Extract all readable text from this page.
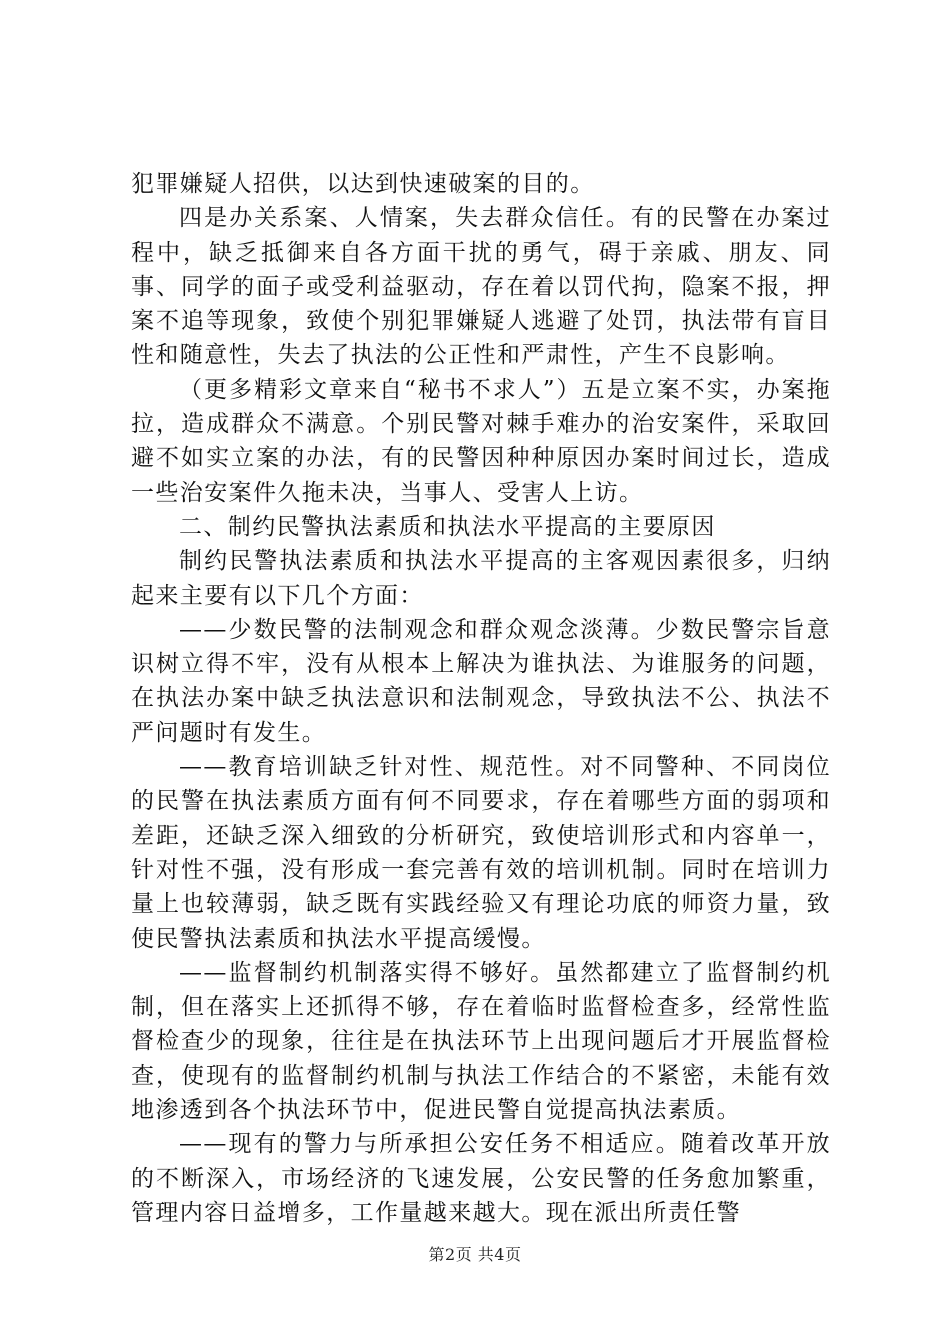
犯罪嫌疑人招供，以达到快速破案的目的。

四是办关系案、人情案，失去群众信任。有的民警在办案过程中，缺乏抵御来自各方面干扰的勇气，碍于亲戚、朋友、同事、同学的面子或受利益驱动，存在着以罚代拘，隐案不报，押案不追等现象，致使个别犯罪嫌疑人逃避了处罚，执法带有盲目性和随意性，失去了执法的公正性和严肃性，产生不良影响。

（更多精彩文章来自“秘书不求人”）五是立案不实，办案拖拉，造成群众不满意。个别民警对棘手难办的治安案件，采取回避不如实立案的办法，有的民警因种种原因办案时间过长，造成一些治安案件久拖未决，当事人、受害人上访。

二、制约民警执法素质和执法水平提高的主要原因

制约民警执法素质和执法水平提高的主客观因素很多，归纳起来主要有以下几个方面：

——少数民警的法制观念和群众观念淡薄。少数民警宗旨意识树立得不牢，没有从根本上解决为谁执法、为谁服务的问题，在执法办案中缺乏执法意识和法制观念，导致执法不公、执法不严问题时有发生。

——教育培训缺乏针对性、规范性。对不同警种、不同岗位的民警在执法素质方面有何不同要求，存在着哪些方面的弱项和差距，还缺乏深入细致的分析研究，致使培训形式和内容单一，针对性不强，没有形成一套完善有效的培训机制。同时在培训力量上也较薄弱，缺乏既有实践经验又有理论功底的师资力量，致使民警执法素质和执法水平提高缓慢。

——监督制约机制落实得不够好。虽然都建立了监督制约机制，但在落实上还抓得不够，存在着临时监督检查多，经常性监督检查少的现象，往往是在执法环节上出现问题后才开展监督检查，使现有的监督制约机制与执法工作结合的不紧密，未能有效地渗透到各个执法环节中，促进民警自觉提高执法素质。

——现有的警力与所承担公安任务不相适应。随着改革开放的不断深入，市场经济的飞速发展，公安民警的任务愈加繁重，管理内容日益增多，工作量越来越大。现在派出所责任警

第2页 共4页
